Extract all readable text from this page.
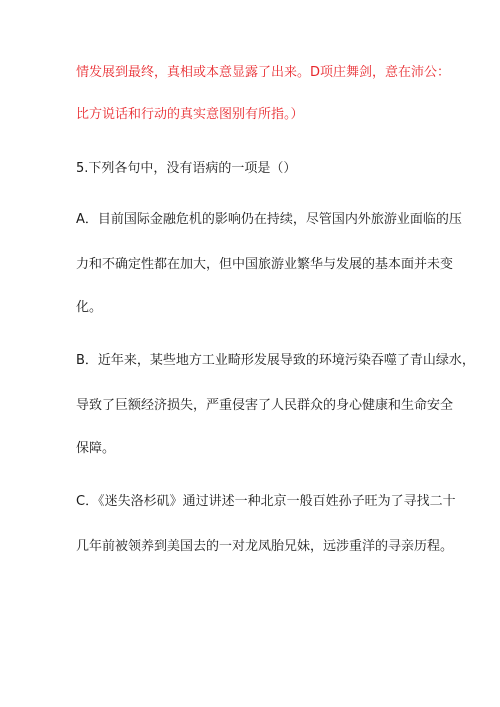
情发展到最终，真相或本意显露了出来。D项庄舞剑，意在沛公：
比方说话和行动的真实意图别有所指。）
5.下列各句中，没有语病的一项是（）
A．目前国际金融危机的影响仍在持续，尽管国内外旅游业面临的压
力和不确定性都在加大，但中国旅游业繁华与发展的基本面并未变
化。
B．近年来，某些地方工业畸形发展导致的环境污染吞噬了青山绿水，
导致了巨额经济损失，严重侵害了人民群众的身心健康和生命安全
保障。
C．《迷失洛杉矶》通过讲述一种北京一般百姓孙子旺为了寻找二十
几年前被领养到美国去的一对龙凤胎兄妹，远涉重洋的寻亲历程。
